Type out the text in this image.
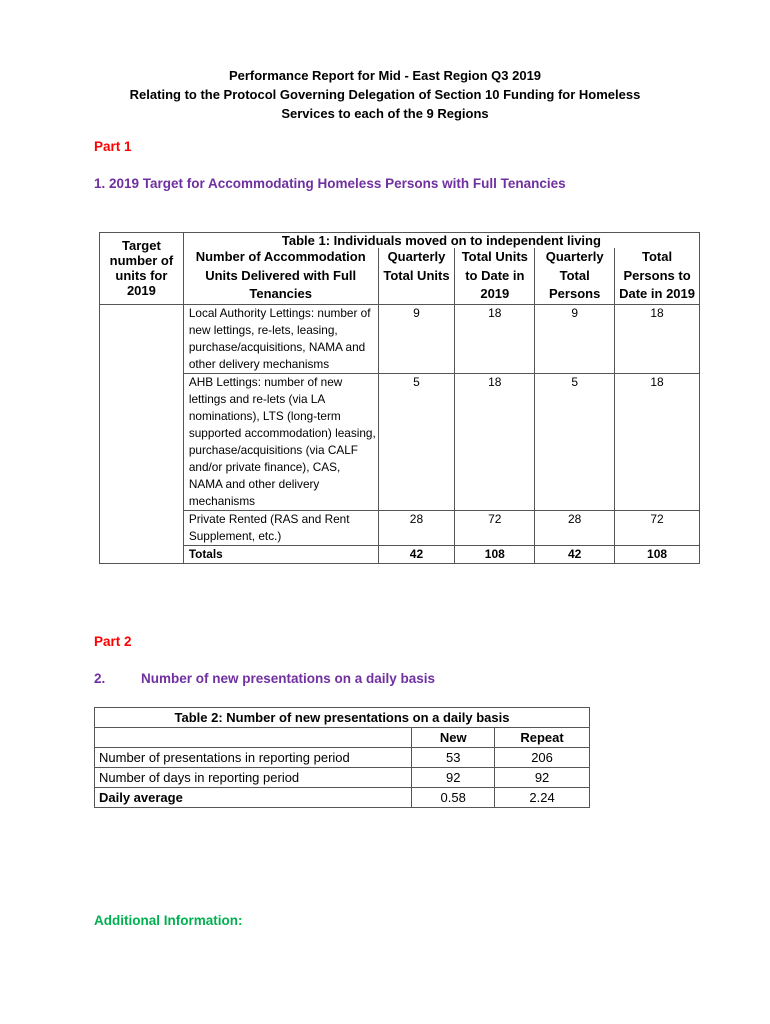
Performance Report for Mid - East Region Q3 2019
Relating to the Protocol Governing Delegation of Section 10 Funding for Homeless
Services to each of the 9 Regions
Part 1
1. 2019 Target for Accommodating Homeless Persons with Full Tenancies
Target number of units for 2019	Table 1: Individuals moved on to independent living				
	Number of Accommodation Units Delivered with Full Tenancies	Quarterly Total Units	Total Units to Date in 2019	Quarterly Total Persons	Total Persons to Date in 2019
	Local Authority Lettings: number of new lettings, re-lets, leasing, purchase/acquisitions, NAMA and other delivery mechanisms	9	18	9	18
	AHB Lettings: number of new lettings and re-lets (via LA nominations), LTS (long-term supported accommodation) leasing, purchase/acquisitions (via CALF and/or private finance), CAS, NAMA and other delivery mechanisms	5	18	5	18
	Private Rented (RAS and Rent Supplement, etc.)	28	72	28	72
	Totals	42	108	42	108
Part 2
2.	Number of new presentations on a daily basis
Table 2: Number of new presentations on a daily basis		
	New	Repeat
Number of presentations in reporting period	53	206
Number of days in reporting period	92	92
Daily average	0.58	2.24
Additional Information:
